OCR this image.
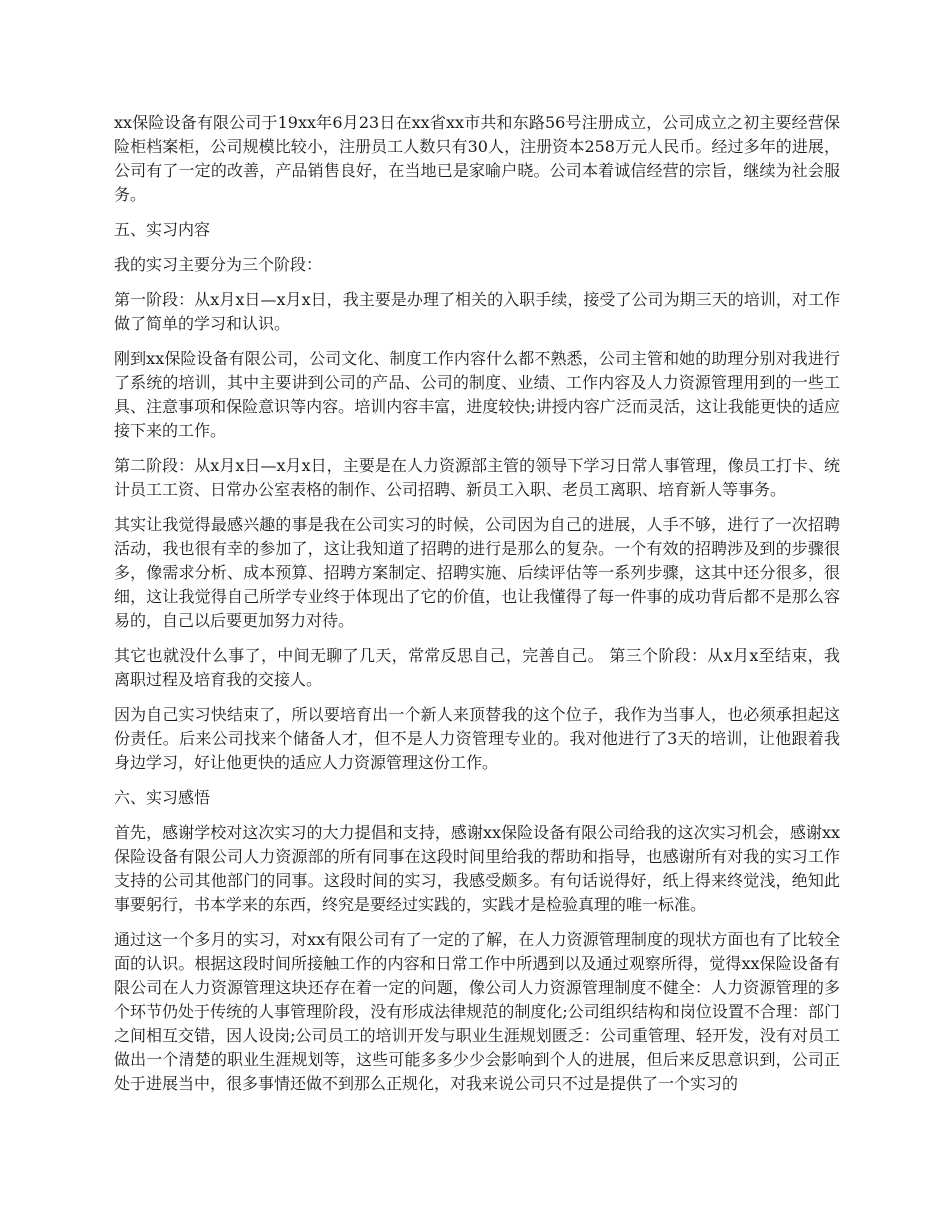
xx保险设备有限公司于19xx年6月23日在xx省xx市共和东路56号注册成立，公司成立之初主要经营保险柜档案柜，公司规模比较小，注册员工人数只有30人，注册资本258万元人民币。经过多年的进展，公司有了一定的改善，产品销售良好，在当地已是家喻户晓。公司本着诚信经营的宗旨，继续为社会服务。

五、实习内容

我的实习主要分为三个阶段：

第一阶段：从x月x日—x月x日，我主要是办理了相关的入职手续，接受了公司为期三天的培训，对工作做了简单的学习和认识。

刚到xx保险设备有限公司，公司文化、制度工作内容什么都不熟悉，公司主管和她的助理分别对我进行了系统的培训，其中主要讲到公司的产品、公司的制度、业绩、工作内容及人力资源管理用到的一些工具、注意事项和保险意识等内容。培训内容丰富，进度较快;讲授内容广泛而灵活，这让我能更快的适应接下来的工作。

第二阶段：从x月x日—x月x日，主要是在人力资源部主管的领导下学习日常人事管理，像员工打卡、统计员工工资、日常办公室表格的制作、公司招聘、新员工入职、老员工离职、培育新人等事务。

其实让我觉得最感兴趣的事是我在公司实习的时候，公司因为自己的进展，人手不够，进行了一次招聘活动，我也很有幸的参加了，这让我知道了招聘的进行是那么的复杂。一个有效的招聘涉及到的步骤很多，像需求分析、成本预算、招聘方案制定、招聘实施、后续评估等一系列步骤，这其中还分很多，很细，这让我觉得自己所学专业终于体现出了它的价值，也让我懂得了每一件事的成功背后都不是那么容易的，自己以后要更加努力对待。

其它也就没什么事了，中间无聊了几天，常常反思自己，完善自己。 第三个阶段：从x月x至结束，我离职过程及培育我的交接人。

因为自己实习快结束了，所以要培育出一个新人来顶替我的这个位子，我作为当事人，也必须承担起这份责任。后来公司找来个储备人才，但不是人力资管理专业的。我对他进行了3天的培训，让他跟着我身边学习，好让他更快的适应人力资源管理这份工作。

六、实习感悟

首先，感谢学校对这次实习的大力提倡和支持，感谢xx保险设备有限公司给我的这次实习机会，感谢xx保险设备有限公司人力资源部的所有同事在这段时间里给我的帮助和指导，也感谢所有对我的实习工作支持的公司其他部门的同事。这段时间的实习，我感受颇多。有句话说得好，纸上得来终觉浅，绝知此事要躬行，书本学来的东西，终究是要经过实践的，实践才是检验真理的唯一标准。

通过这一个多月的实习，对xx有限公司有了一定的了解，在人力资源管理制度的现状方面也有了比较全面的认识。根据这段时间所接触工作的内容和日常工作中所遇到以及通过观察所得，觉得xx保险设备有限公司在人力资源管理这块还存在着一定的问题，像公司人力资源管理制度不健全：人力资源管理的多个环节仍处于传统的人事管理阶段，没有形成法律规范的制度化;公司组织结构和岗位设置不合理：部门之间相互交错，因人设岗;公司员工的培训开发与职业生涯规划匮乏：公司重管理、轻开发，没有对员工做出一个清楚的职业生涯规划等，这些可能多多少少会影响到个人的进展，但后来反思意识到，公司正处于进展当中，很多事情还做不到那么正规化，对我来说公司只不过是提供了一个实习的
